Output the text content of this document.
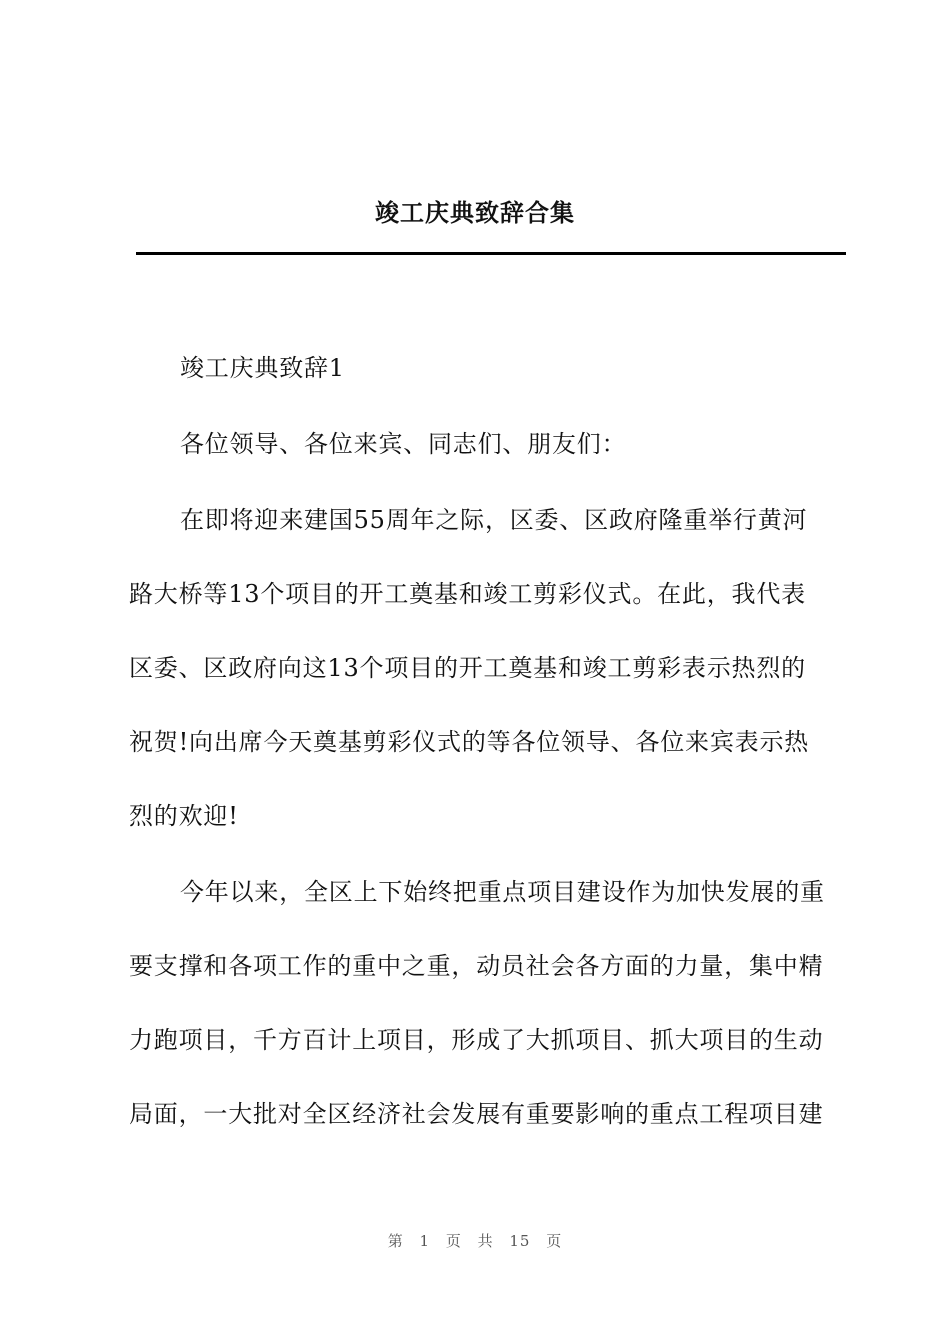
竣工庆典致辞合集
竣工庆典致辞1
各位领导、各位来宾、同志们、朋友们：
在即将迎来建国55周年之际，区委、区政府隆重举行黄河
路大桥等13个项目的开工奠基和竣工剪彩仪式。在此，我代表
区委、区政府向这13个项目的开工奠基和竣工剪彩表示热烈的
祝贺!向出席今天奠基剪彩仪式的等各位领导、各位来宾表示热
烈的欢迎!
今年以来，全区上下始终把重点项目建设作为加快发展的重
要支撑和各项工作的重中之重，动员社会各方面的力量，集中精
力跑项目，千方百计上项目，形成了大抓项目、抓大项目的生动
局面，一大批对全区经济社会发展有重要影响的重点工程项目建
第 1 页 共 15 页
